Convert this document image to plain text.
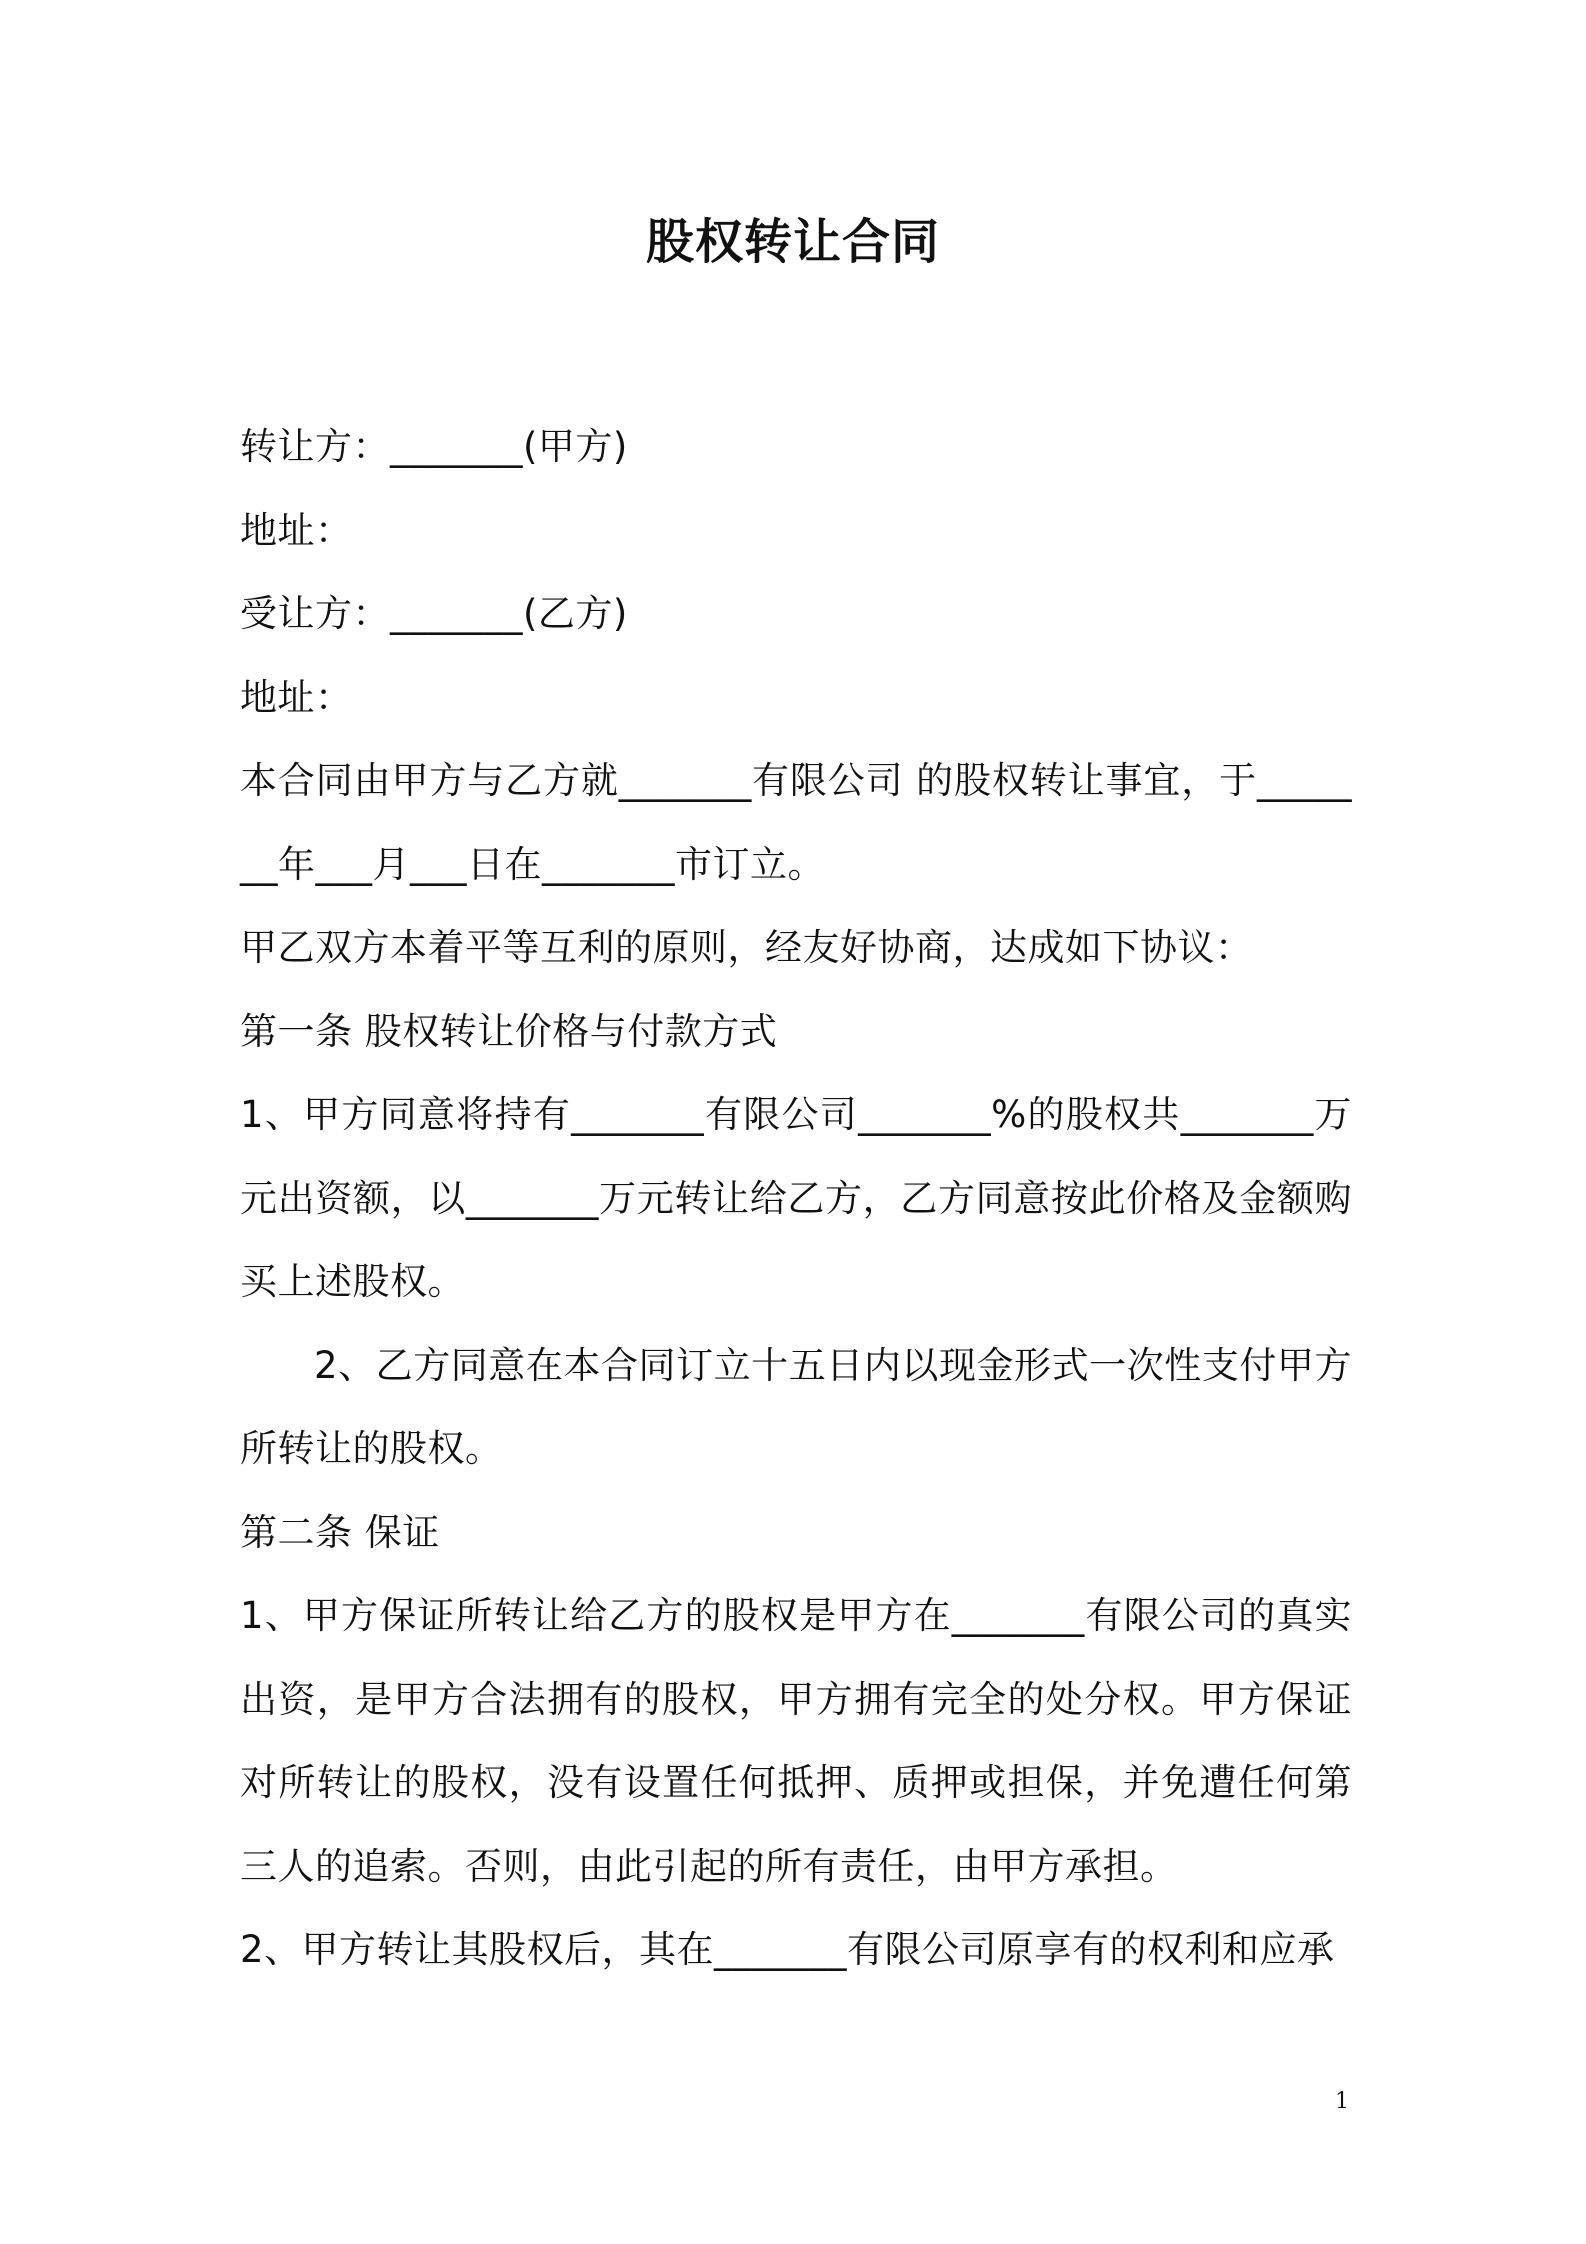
股权转让合同

转让方：_______(甲方)

地址：

受让方：_______(乙方)

地址：

本合同由甲方与乙方就_______有限公司 的股权转让事宜，于_______年___月___日在_______市订立。

甲乙双方本着平等互利的原则，经友好协商，达成如下协议：

第一条 股权转让价格与付款方式

1、甲方同意将持有_______有限公司_______%的股权共_______万元出资额，以_______万元转让给乙方，乙方同意按此价格及金额购买上述股权。

2、乙方同意在本合同订立十五日内以现金形式一次性支付甲方所转让的股权。

第二条 保证

1、甲方保证所转让给乙方的股权是甲方在_______有限公司的真实出资，是甲方合法拥有的股权，甲方拥有完全的处分权。甲方保证对所转让的股权，没有设置任何抵押、质押或担保，并免遭任何第三人的追索。否则，由此引起的所有责任，由甲方承担。

2、甲方转让其股权后，其在_______有限公司原享有的权利和应承

1
